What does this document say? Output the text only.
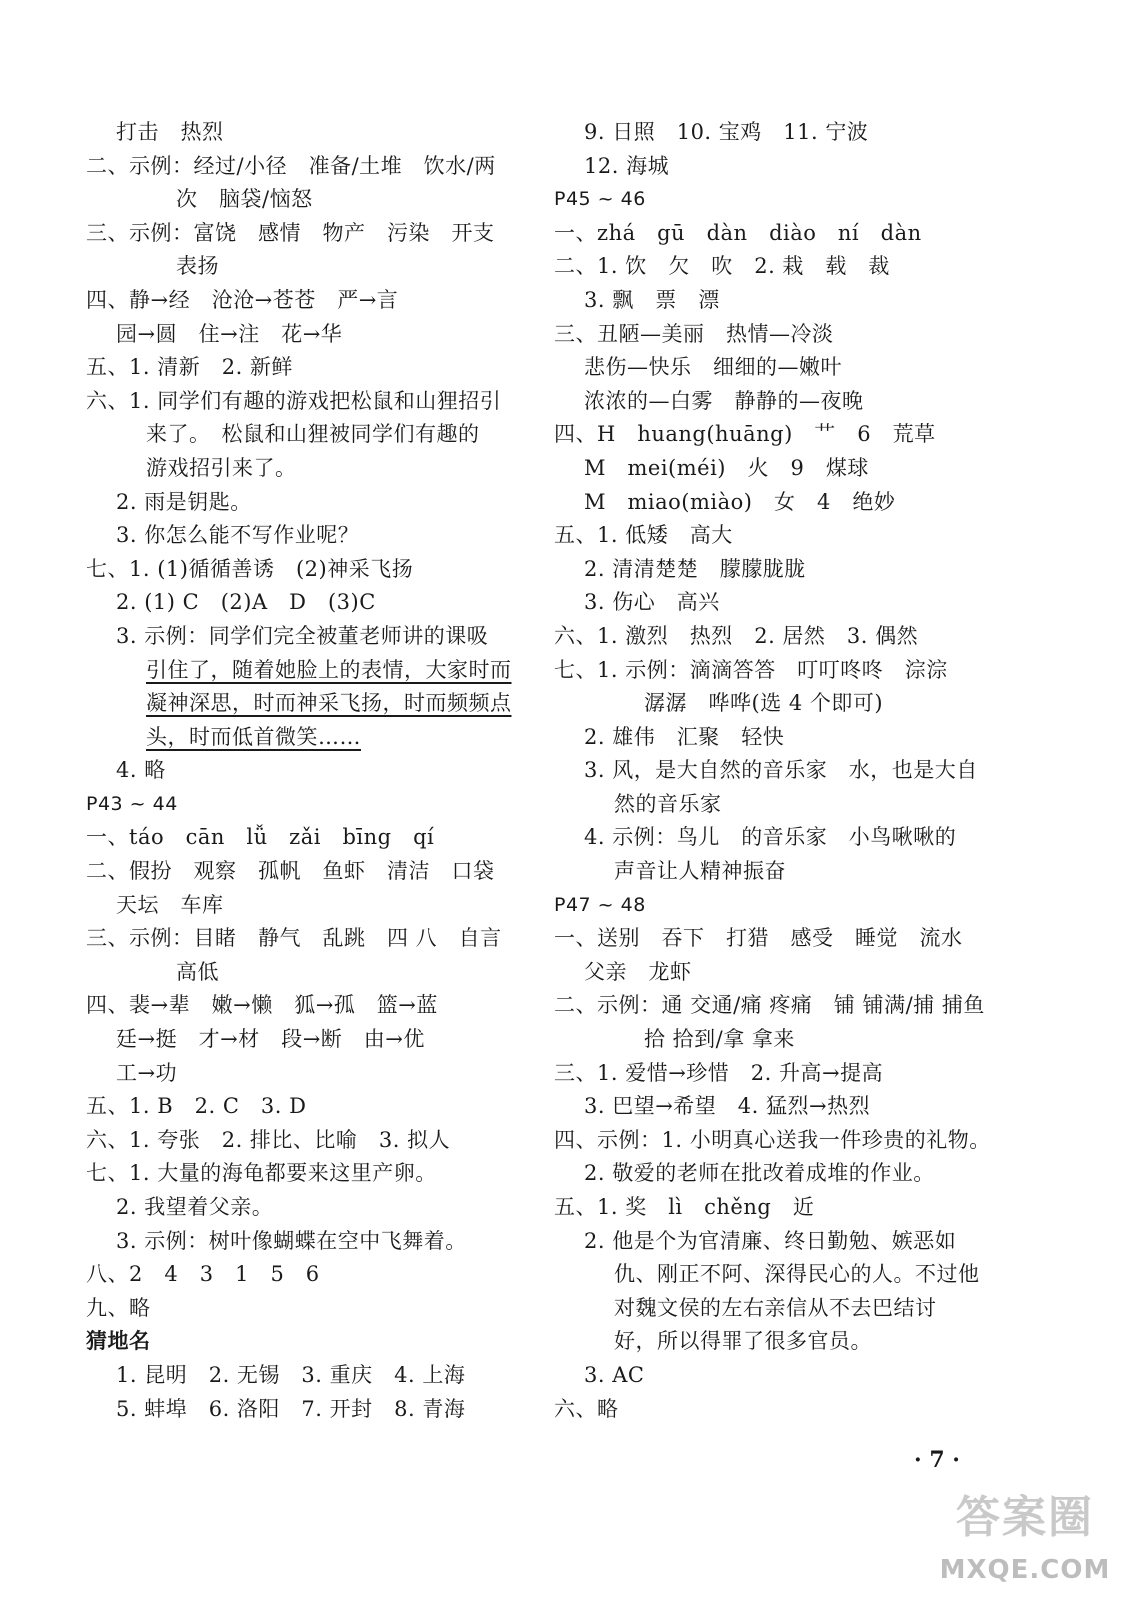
打击　热烈
二、示例：经过/小径　准备/土堆　饮水/两
次　脑袋/恼怒
三、示例：富饶　感情　物产　污染　开支
表扬
四、静→经　沧沧→苍苍　严→言
园→圆　住→注　花→华
五、1. 清新　2. 新鲜
六、1. 同学们有趣的游戏把松鼠和山狸招引
来了。　松鼠和山狸被同学们有趣的
游戏招引来了。
2. 雨是钥匙。
3. 你怎么能不写作业呢？
七、1. (1)循循善诱　(2)神采飞扬
2. (1) C　(2)A　D　(3)C
3. 示例：同学们完全被董老师讲的课吸
引住了，随着她脸上的表情，大家时而
凝神深思，时而神采飞扬，时而频频点
头，时而低首微笑……
4. 略
P43 ~ 44
一、táo　cān　lǚ　zǎi　bīng　qí
二、假扮　观察　孤帆　鱼虾　清洁　口袋
天坛　车库
三、示例：目睹　静气　乱跳　四 八　自言
高低
四、裴→辈　嫩→懒　狐→孤　篮→蓝
廷→挺　才→材　段→断　由→优
工→功
五、1. B　2. C　3. D
六、1. 夸张　2. 排比、比喻　3. 拟人
七、1. 大量的海龟都要来这里产卵。
2. 我望着父亲。
3. 示例：树叶像蝴蝶在空中飞舞着。
八、2　4　3　1　5　6
九、略
猜地名
1. 昆明　2. 无锡　3. 重庆　4. 上海
5. 蚌埠　6. 洛阳　7. 开封　8. 青海
9. 日照　10. 宝鸡　11. 宁波
12. 海城
P45 ~ 46
一、zhá　gū　dàn　diào　ní　dàn
二、1. 饮　欠　吹　2. 栽　载　裁
3. 飘　票　漂
三、丑陋—美丽　热情—冷淡
悲伤—快乐　细细的—嫩叶
浓浓的—白雾　静静的—夜晚
四、H　huang(huāng)　艹　6　荒草
M　mei(méi)　火　9　煤球
M　miao(miào)　女　4　绝妙
五、1. 低矮　高大
2. 清清楚楚　朦朦胧胧
3. 伤心　高兴
六、1. 激烈　热烈　2. 居然　3. 偶然
七、1. 示例：滴滴答答　叮叮咚咚　淙淙
潺潺　哗哗(选 4 个即可)
2. 雄伟　汇聚　轻快
3. 风，是大自然的音乐家　水，也是大自
然的音乐家
4. 示例：鸟儿　的音乐家　小鸟啾啾的
声音让人精神振奋
P47 ~ 48
一、送别　吞下　打猎　感受　睡觉　流水
父亲　龙虾
二、示例：通 交通/痛 疼痛　铺 铺满/捕 捕鱼
拾 拾到/拿 拿来
三、1. 爱惜→珍惜　2. 升高→提高
3. 巴望→希望　4. 猛烈→热烈
四、示例：1. 小明真心送我一件珍贵的礼物。
2. 敬爱的老师在批改着成堆的作业。
五、1. 奖　lì　chěng　近
2. 他是个为官清廉、终日勤勉、嫉恶如
仇、刚正不阿、深得民心的人。不过他
对魏文侯的左右亲信从不去巴结讨
好，所以得罪了很多官员。
3. AC
六、略
· 7 ·
答案圈
MXQE.COM
